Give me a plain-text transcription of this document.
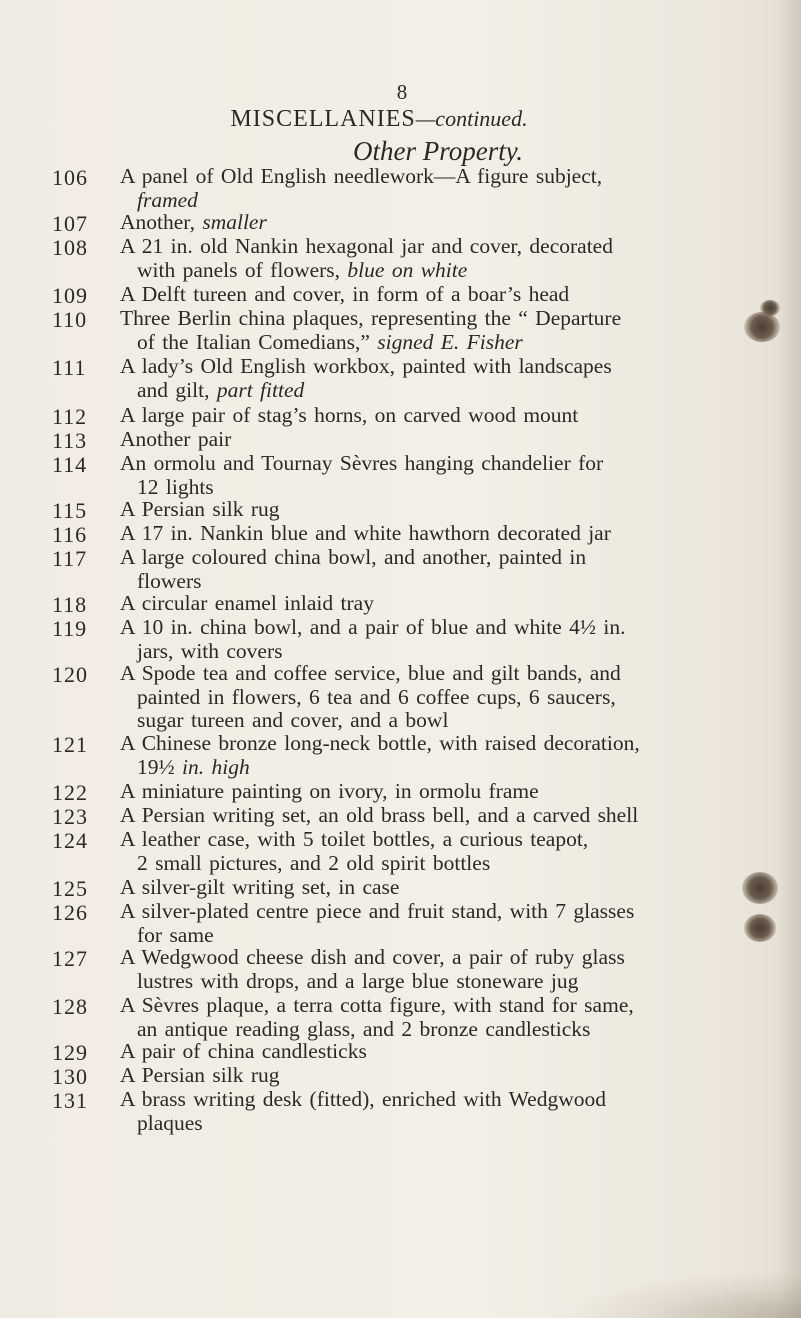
8
MISCELLANIES—continued.
Other Property.
106	A panel of Old English needlework—A figure subject,
framed
107	Another, smaller
108	A 21 in. old Nankin hexagonal jar and cover, decorated
with panels of flowers, blue on white
109	A Delft tureen and cover, in form of a boar’s head
110	Three Berlin china plaques, representing the “ Departure
of the Italian Comedians,” signed E. Fisher
111	A lady’s Old English workbox, painted with landscapes
and gilt, part fitted
112	A large pair of stag’s horns, on carved wood mount
113	Another pair
114	An ormolu and Tournay Sèvres hanging chandelier for
12 lights
115	A Persian silk rug
116	A 17 in. Nankin blue and white hawthorn decorated jar
117	A large coloured china bowl, and another, painted in
flowers
118	A circular enamel inlaid tray
119	A 10 in. china bowl, and a pair of blue and white 4½ in.
jars, with covers
120	A Spode tea and coffee service, blue and gilt bands, and
painted in flowers, 6 tea and 6 coffee cups, 6 saucers,
sugar tureen and cover, and a bowl
121	A Chinese bronze long-neck bottle, with raised decoration,
19½ in. high
122	A miniature painting on ivory, in ormolu frame
123	A Persian writing set, an old brass bell, and a carved shell
124	A leather case, with 5 toilet bottles, a curious teapot,
2 small pictures, and 2 old spirit bottles
125	A silver-gilt writing set, in case
126	A silver-plated centre piece and fruit stand, with 7 glasses
for same
127	A Wedgwood cheese dish and cover, a pair of ruby glass
lustres with drops, and a large blue stoneware jug
128	A Sèvres plaque, a terra cotta figure, with stand for same,
an antique reading glass, and 2 bronze candlesticks
129	A pair of china candlesticks
130	A Persian silk rug
131	A brass writing desk (fitted), enriched with Wedgwood
plaques
